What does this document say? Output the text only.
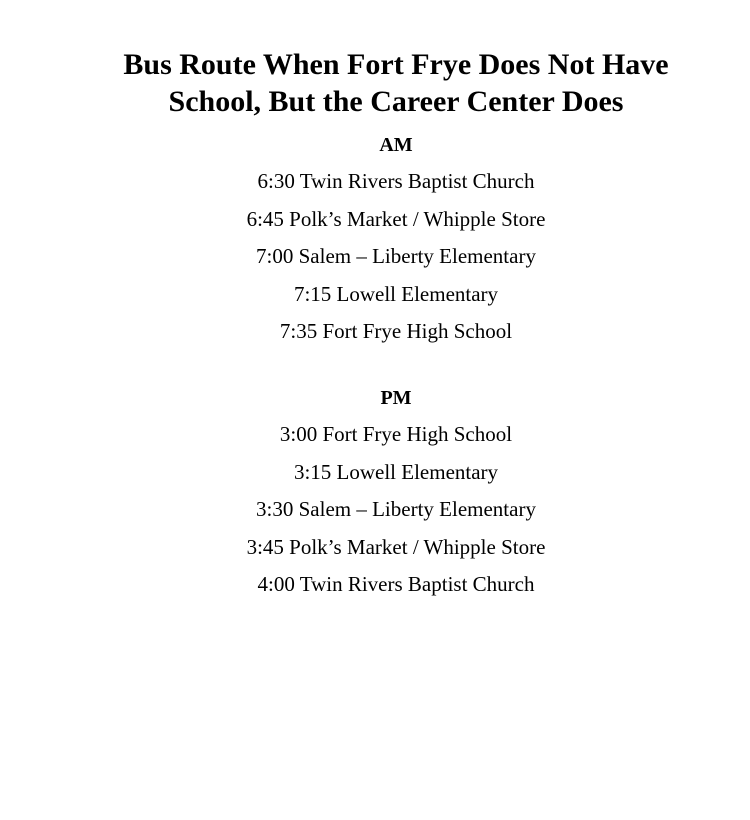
Bus Route When Fort Frye Does Not Have
School, But the Career Center Does
AM
6:30 Twin Rivers Baptist Church
6:45 Polk’s Market / Whipple Store
7:00 Salem – Liberty Elementary
7:15 Lowell Elementary
7:35 Fort Frye High School
PM
3:00 Fort Frye High School
3:15 Lowell Elementary
3:30 Salem – Liberty Elementary
3:45 Polk’s Market / Whipple Store
4:00 Twin Rivers Baptist Church
